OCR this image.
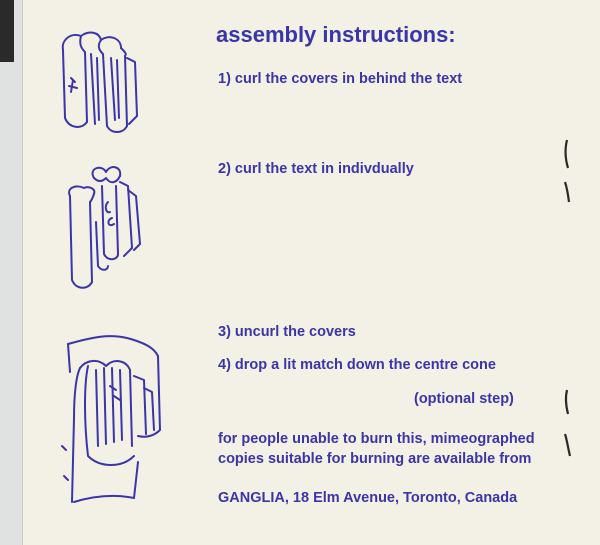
assembly instructions:
1) curl the covers in behind the text
2) curl the text in indivdually
3) uncurl the covers
4) drop a lit match down the centre cone
(optional step)
for people unable to burn this, mimeographed
copies suitable for burning are available from
GANGLIA, 18 Elm Avenue, Toronto, Canada
